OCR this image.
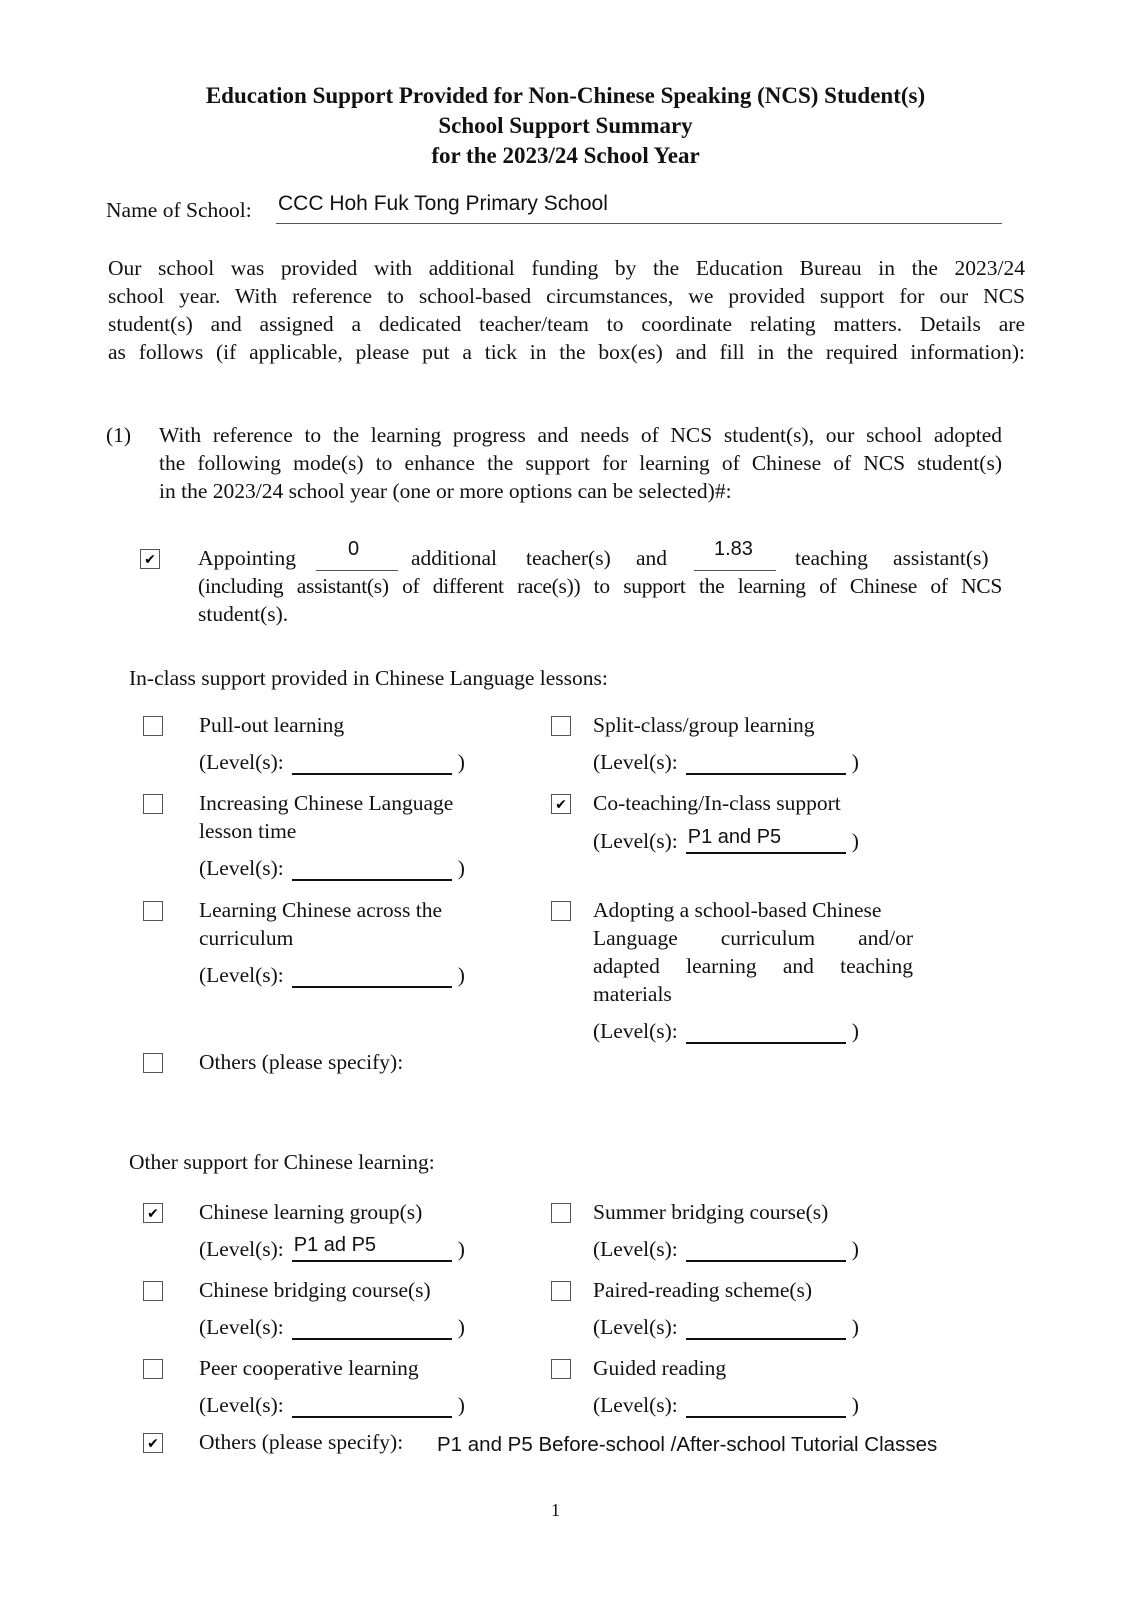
Education Support Provided for Non-Chinese Speaking (NCS) Student(s)
School Support Summary
for the 2023/24 School Year
Name of School: CCC Hoh Fuk Tong Primary School
Our school was provided with additional funding by the Education Bureau in the 2023/24
school year. With reference to school-based circumstances, we provided support for our NCS
student(s) and assigned a dedicated teacher/team to coordinate relating matters. Details are
as follows (if applicable, please put a tick in the box(es) and fill in the required information):
(1) With reference to the learning progress and needs of NCS student(s), our school adopted
the following mode(s) to enhance the support for learning of Chinese of NCS student(s)
in the 2023/24 school year (one or more options can be selected)#:
✔ Appointing	0 additional teacher(s) and 1.83 teaching assistant(s)
(including assistant(s) of different race(s)) to support the learning of Chinese of NCS
student(s).
In-class support provided in Chinese Language lessons:
Pull-out learning
(Level(s):	)
Split-class/group learning
(Level(s):	)
Increasing Chinese Language
lesson time
(Level(s):	)
✔ Co-teaching/In-class support
(Level(s): P1 and P5	)
Learning Chinese across the
curriculum
(Level(s):	)
Adopting a school-based Chinese
Language curriculum and/or
adapted learning and teaching
materials
(Level(s):	)
Others (please specify):
Other support for Chinese learning:
✔ Chinese learning group(s)
(Level(s): P1 ad P5	)
Summer bridging course(s)
(Level(s):	)
Chinese bridging course(s)
(Level(s):	)
Paired-reading scheme(s)
(Level(s):	)
Peer cooperative learning
(Level(s):	)
Guided reading
(Level(s):	)
✔ Others (please specify): P1 and P5 Before-school /After-school Tutorial Classes
1
